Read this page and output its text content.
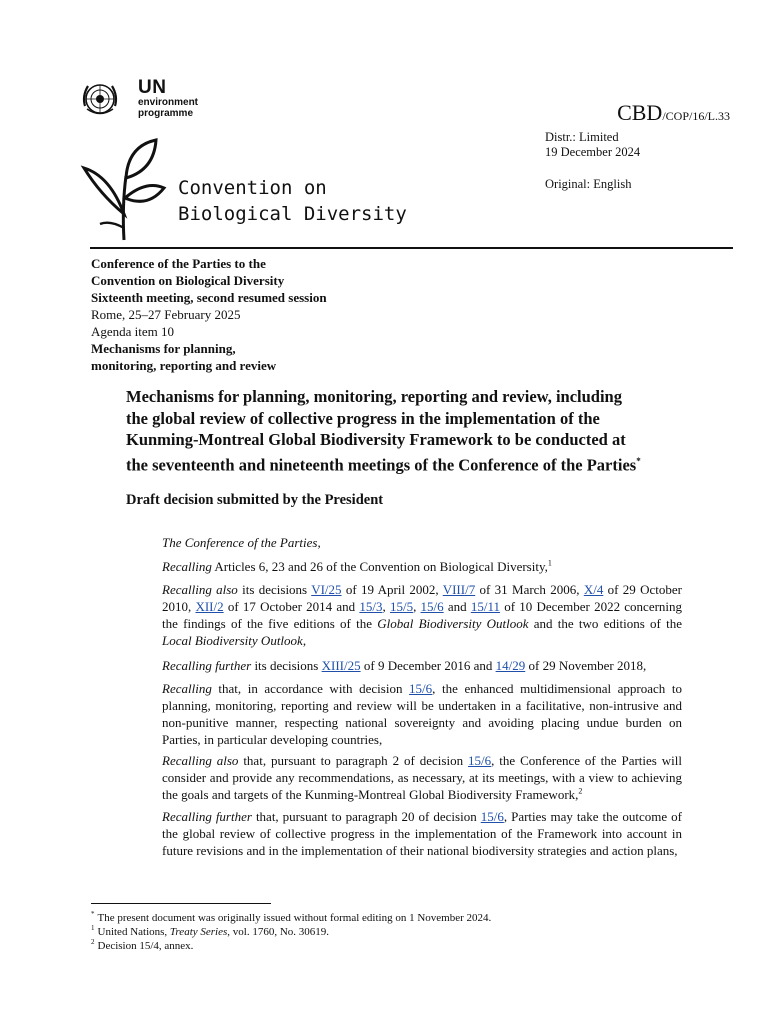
UN
environment
programme
Convention on
Biological Diversity
CBD/COP/16/L.33
Distr.: Limited
19 December 2024
Original: English
Conference of the Parties to the
Convention on Biological Diversity
Sixteenth meeting, second resumed session
Rome, 25–27 February 2025
Agenda item 10
Mechanisms for planning,
monitoring, reporting and review
Mechanisms for planning, monitoring, reporting and review, including
the global review of collective progress in the implementation of the
Kunming-Montreal Global Biodiversity Framework to be conducted at
the seventeenth and nineteenth meetings of the Conference of the Parties*
Draft decision submitted by the President
The Conference of the Parties,
Recalling Articles 6, 23 and 26 of the Convention on Biological Diversity,$^1$
Recalling also its decisions VI/25 of 19 April 2002, VIII/7 of 31 March 2006, X/4 of 29 October 2010, XII/2 of 17 October 2014 and 15/3, 15/5, 15/6 and 15/11 of 10 December 2022 concerning the findings of the five editions of the Global Biodiversity Outlook and the two editions of the Local Biodiversity Outlook,
Recalling further its decisions XIII/25 of 9 December 2016 and 14/29 of 29 November 2018,
Recalling that, in accordance with decision 15/6, the enhanced multidimensional approach to planning, monitoring, reporting and review will be undertaken in a facilitative, non-intrusive and non-punitive manner, respecting national sovereignty and avoiding placing undue burden on Parties, in particular developing countries,
Recalling also that, pursuant to paragraph 2 of decision 15/6, the Conference of the Parties will consider and provide any recommendations, as necessary, at its meetings, with a view to achieving the goals and targets of the Kunming-Montreal Global Biodiversity Framework,$^2$
Recalling further that, pursuant to paragraph 20 of decision 15/6, Parties may take the outcome of the global review of collective progress in the implementation of the Framework into account in future revisions and in the implementation of their national biodiversity strategies and action plans,
* The present document was originally issued without formal editing on 1 November 2024.
$^1$ United Nations, Treaty Series, vol. 1760, No. 30619.
$^2$ Decision 15/4, annex.
